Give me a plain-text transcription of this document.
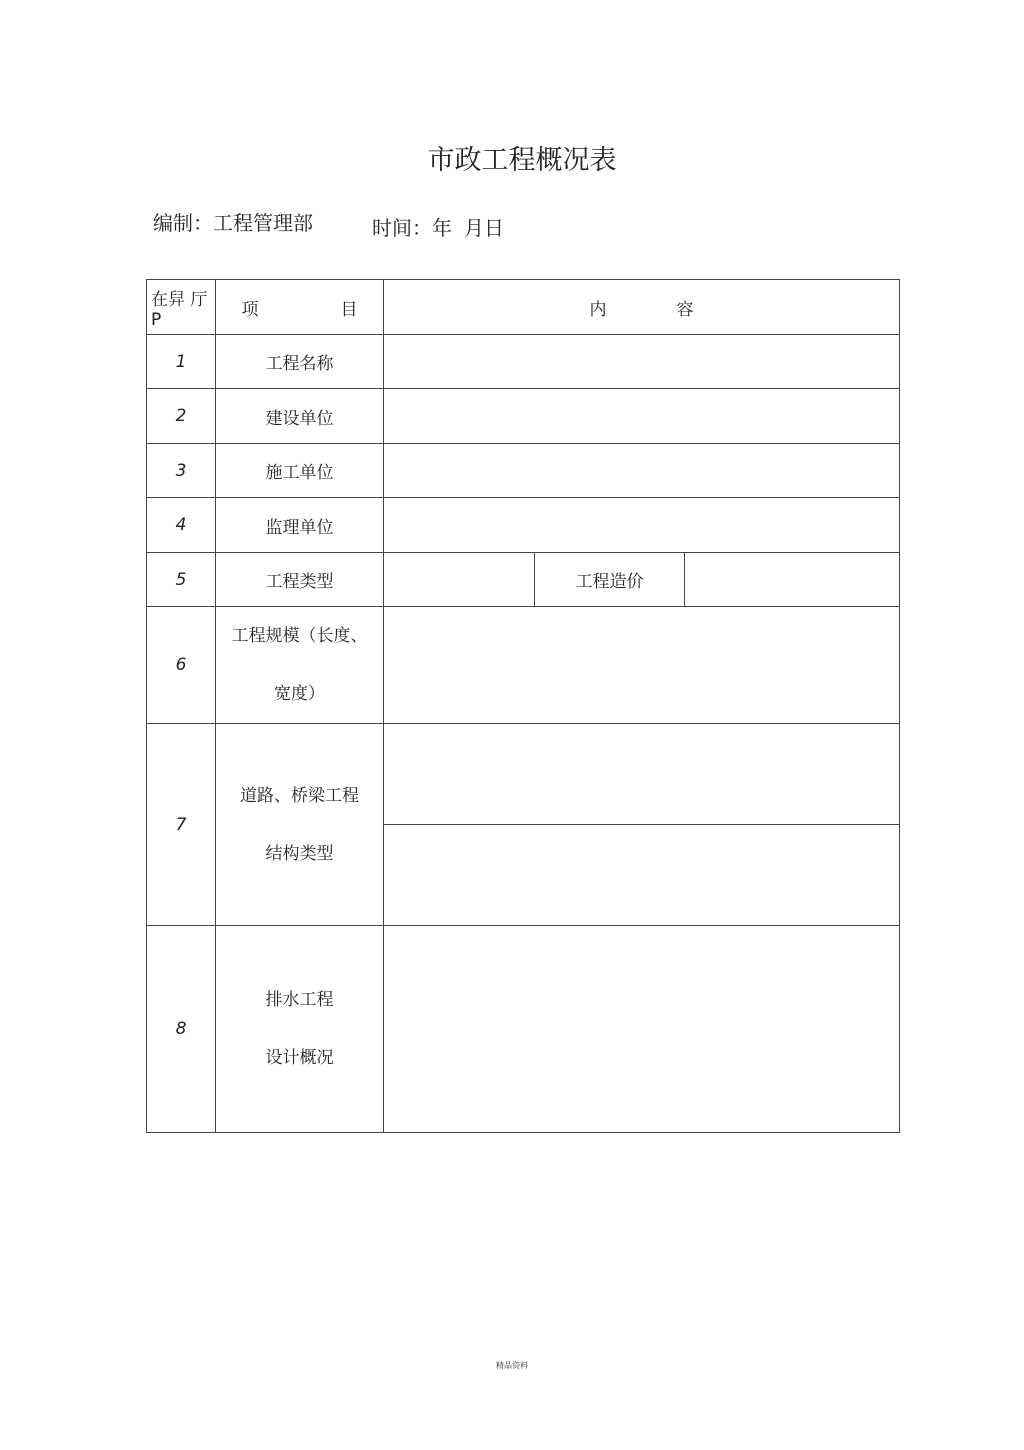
市政工程概况表
编制：工程管理部	时间：年 月日
在舁 厅P	项 目	内 容		
1	工程名称			
2	建设单位			
3	施工单位			
4	监理单位			
5	工程类型		工程造价	
6	工程规模（长度、
宽度）			

7	道路、桥梁工程
结构类型			

8	排水工程
设计概况			

精品资料
